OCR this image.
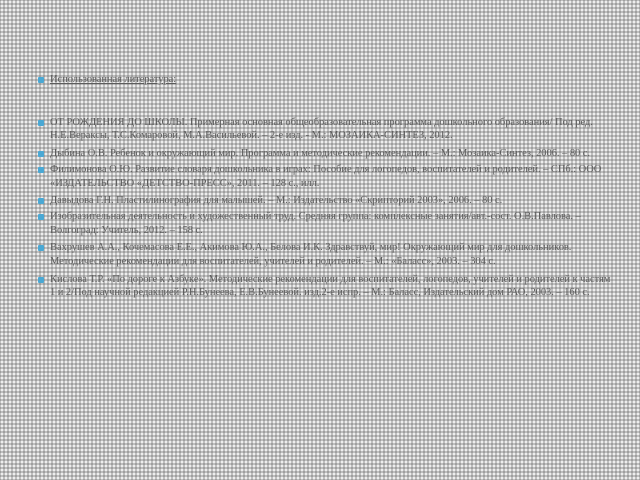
Использованная литература:
ОТ РОЖДЕНИЯ ДО ШКОЛЫ. Примерная основная общеобразовательная программа дошкольного образования/ Под ред. Н.Е.Вераксы, Т.С.Комаровой, М.А.Васильевой. – 2-е изд. - М.: МОЗАИКА-СИНТЕЗ, 2012.
Дыбина О.В. Ребенок и окружающий мир. Программа и методические рекомендации. – М.: Мозаика-Синтез, 2006. – 80 с.
Филимонова О.Ю. Развитие словаря дошкольника в играх: Пособие для логопедов, воспитателей и родителей. – СПб.: ООО «ИЗДАТЕЛЬСТВО «ДЕТСТВО-ПРЕСС», 2011. – 128 с., илл.
Давыдова Г.Н. Пластилинография для малышей. – М.: Издательство «Скрипторий 2003», 2006. – 80 с.
Изобразительная деятельность и художественный труд. Средняя группа: комплексные занятия/авт.-сост. О.В.Павлова. – Волгоград: Учитель, 2012. – 158 с.
Вахрушев А.А., Кочемасова Е.Е., Акимова Ю.А., Белова И.К. Здравствуй, мир! Окружающий мир для дошкольников. Методические рекомендации для воспитателей, учителей и родителей. – М.: «Баласс», 2003. – 304 с.
Кислова Т.Р. «По дороге к Азбуке». Методические рекомендации для воспитателей, логопедов, учителей и родителей к частям 1 и 2/Под научной редакцией Р.Н.Бунеева, Е.В.Бунеевой. изд.2-е испр. – М.: Баласс, Издательский дом РАО, 2003. – 160 с.
